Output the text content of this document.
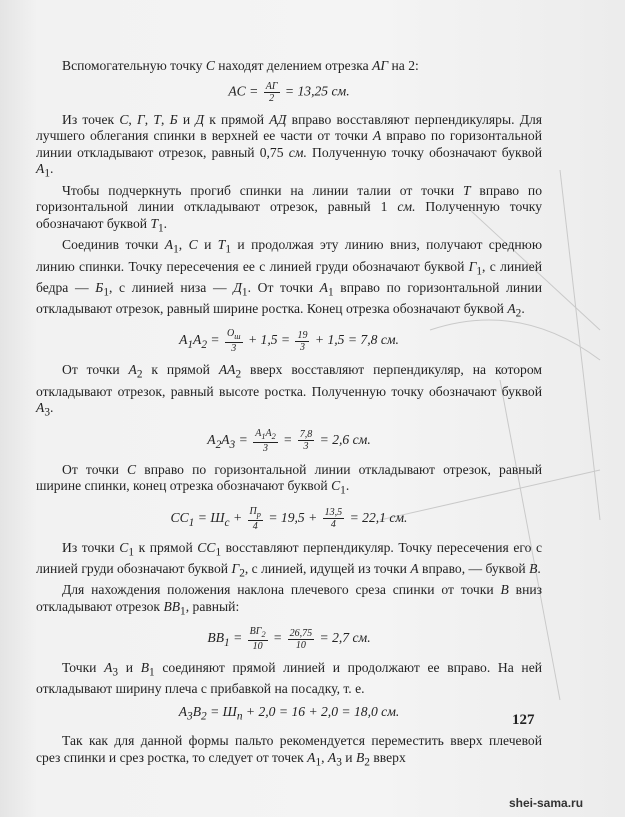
Вспомогательную точку С находят делением отрезка АГ на 2:

AC = АГ
2 = 13,25 см.

Из точек С, Г, Т, Б и Д к прямой АД вправо восставляют перпендикуляры. Для лучшего облегания спинки в верхней ее части от точки А вправо по горизонтальной линии откладывают отрезок, равный 0,75 см. Полученную точку обозначают буквой $А_1$.

Чтобы подчеркнуть прогиб спинки на линии талии от точки Т вправо по горизонтальной линии откладывают отрезок, равный 1 см. Полученную точку обозначают буквой $Т_1$.

Соединив точки $А_1$, С и $Т_1$ и продолжая эту линию вниз, получают среднюю линию спинки. Точку пересечения ее с линией груди обозначают буквой $Г_1$, с линией бедра — $Б_1$, с линией низа — $Д_1$. От точки $А_1$ вправо по горизонтальной линии откладывают отрезок, равный ширине ростка. Конец отрезка обозначают буквой $А_2$.

$А_1А_2 = О_ш$
3
+ $1,5 = \frac{19}{3} + 1,5 = 7,8$ см.

От точки $А_2$ к прямой $АА_2$ вверх восставляют перпендикуляр, на котором откладывают отрезок, равный высоте ростка. Полученную точку обозначают буквой $А_3$.

$А_2А_3 = А_1А_2$
3
= $\frac{7,8}{3} = 2,6$ см.

От точки С вправо по горизонтальной линии откладывают отрезок, равный ширине спинки, конец отрезка обозначают буквой $С_1$.

$СС_1 = Ш_с + П_р$
4
= $19,5 + \frac{13,5}{4} = 22,1$ см.

Из точки $С_1$ к прямой $СС_1$ восставляют перпендикуляр. Точку пересечения его с линией груди обозначают буквой $Г_2$, с линией, идущей из точки А вправо, — буквой В.

Для нахождения положения наклона плечевого среза спинки от точки В вниз откладывают отрезок $ВВ_1$, равный:

$ВВ_1 = ВГ_2$
10
= $\frac{26,75}{10} = 2,7$ см.

Точки $А_3$ и $В_1$ соединяют прямой линией и продолжают ее вправо. На ней откладывают ширину плеча с прибавкой на посадку, т. е.

$А_3В_2 = Ш_п + 2,0 = 16 + 2,0 = 18,0$ см.

Так как для данной формы пальто рекомендуется переместить вверх плечевой срез спинки и срез ростка, то следует от точек $А_1$, $А_3$ и $В_2$ вверх

127
shei-sama.ru
